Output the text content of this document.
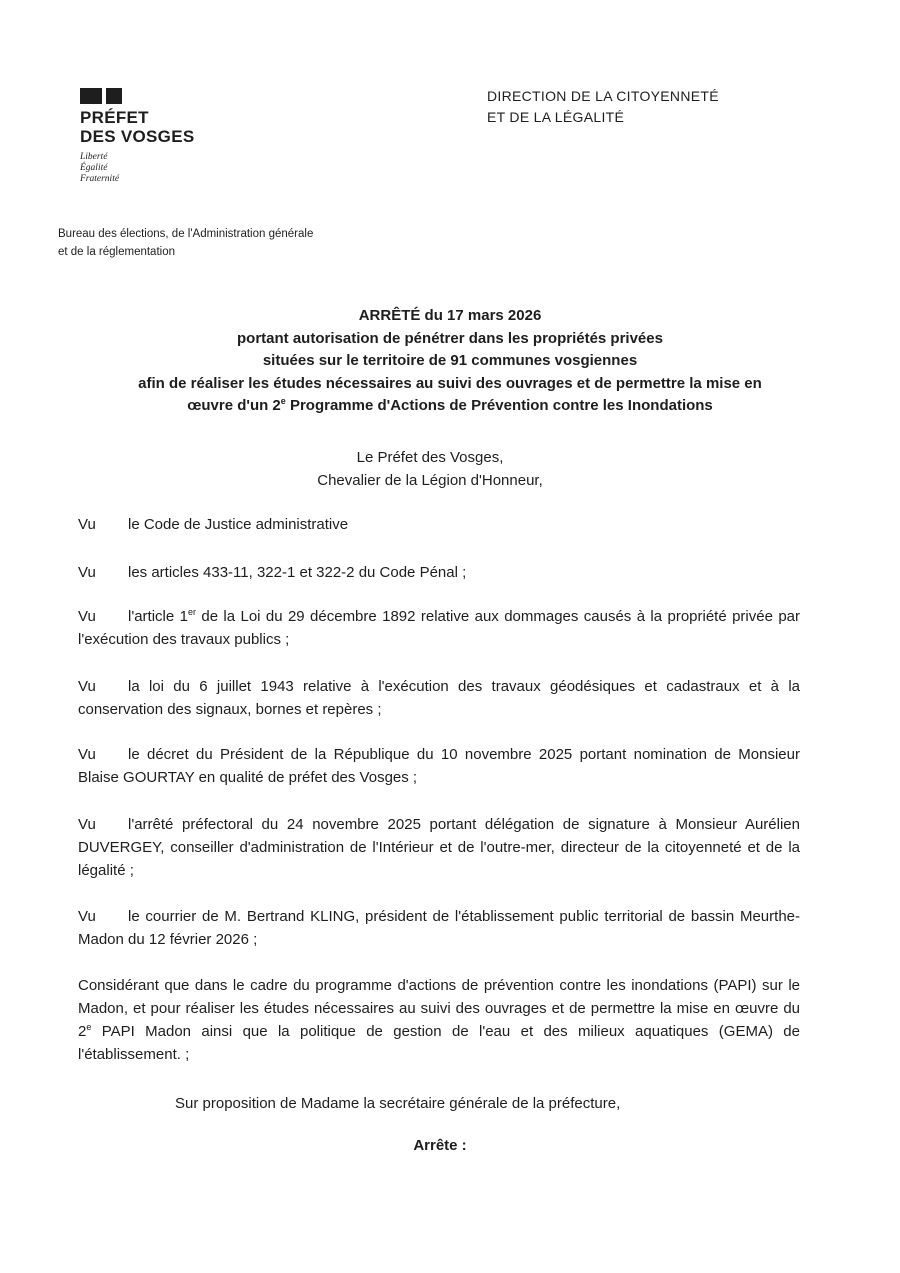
PRÉFET
DES VOSGES
Liberté
Égalité
Fraternité
DIRECTION DE LA CITOYENNETÉ
ET DE LA LÉGALITÉ
Bureau des élections, de l'Administration générale
et de la réglementation
ARRÊTÉ du 17 mars 2026
portant autorisation de pénétrer dans les propriétés privées
situées sur le territoire de 91 communes vosgiennes
afin de réaliser les études nécessaires au suivi des ouvrages et de permettre la mise en
œuvre d'un 2e Programme d'Actions de Prévention contre les Inondations
Le Préfet des Vosges,
Chevalier de la Légion d'Honneur,
Vu le Code de Justice administrative
Vu les articles 433-11, 322-1 et 322-2 du Code Pénal ;
Vu l'article 1er de la Loi du 29 décembre 1892 relative aux dommages causés à la propriété privée par l'exécution des travaux publics ;
Vu la loi du 6 juillet 1943 relative à l'exécution des travaux géodésiques et cadastraux et à la conservation des signaux, bornes et repères ;
Vu le décret du Président de la République du 10 novembre 2025 portant nomination de Monsieur Blaise GOURTAY en qualité de préfet des Vosges ;
Vu l'arrêté préfectoral du 24 novembre 2025 portant délégation de signature à Monsieur Aurélien DUVERGEY, conseiller d'administration de l'Intérieur et de l'outre-mer, directeur de la citoyenneté et de la légalité ;
Vu le courrier de M. Bertrand KLING, président de l'établissement public territorial de bassin Meurthe-Madon du 12 février 2026 ;
Considérant que dans le cadre du programme d'actions de prévention contre les inondations (PAPI) sur le Madon, et pour réaliser les études nécessaires au suivi des ouvrages et de permettre la mise en œuvre du 2e PAPI Madon ainsi que la politique de gestion de l'eau et des milieux aquatiques (GEMA) de l'établissement. ;
Sur proposition de Madame la secrétaire générale de la préfecture,
Arrête :
